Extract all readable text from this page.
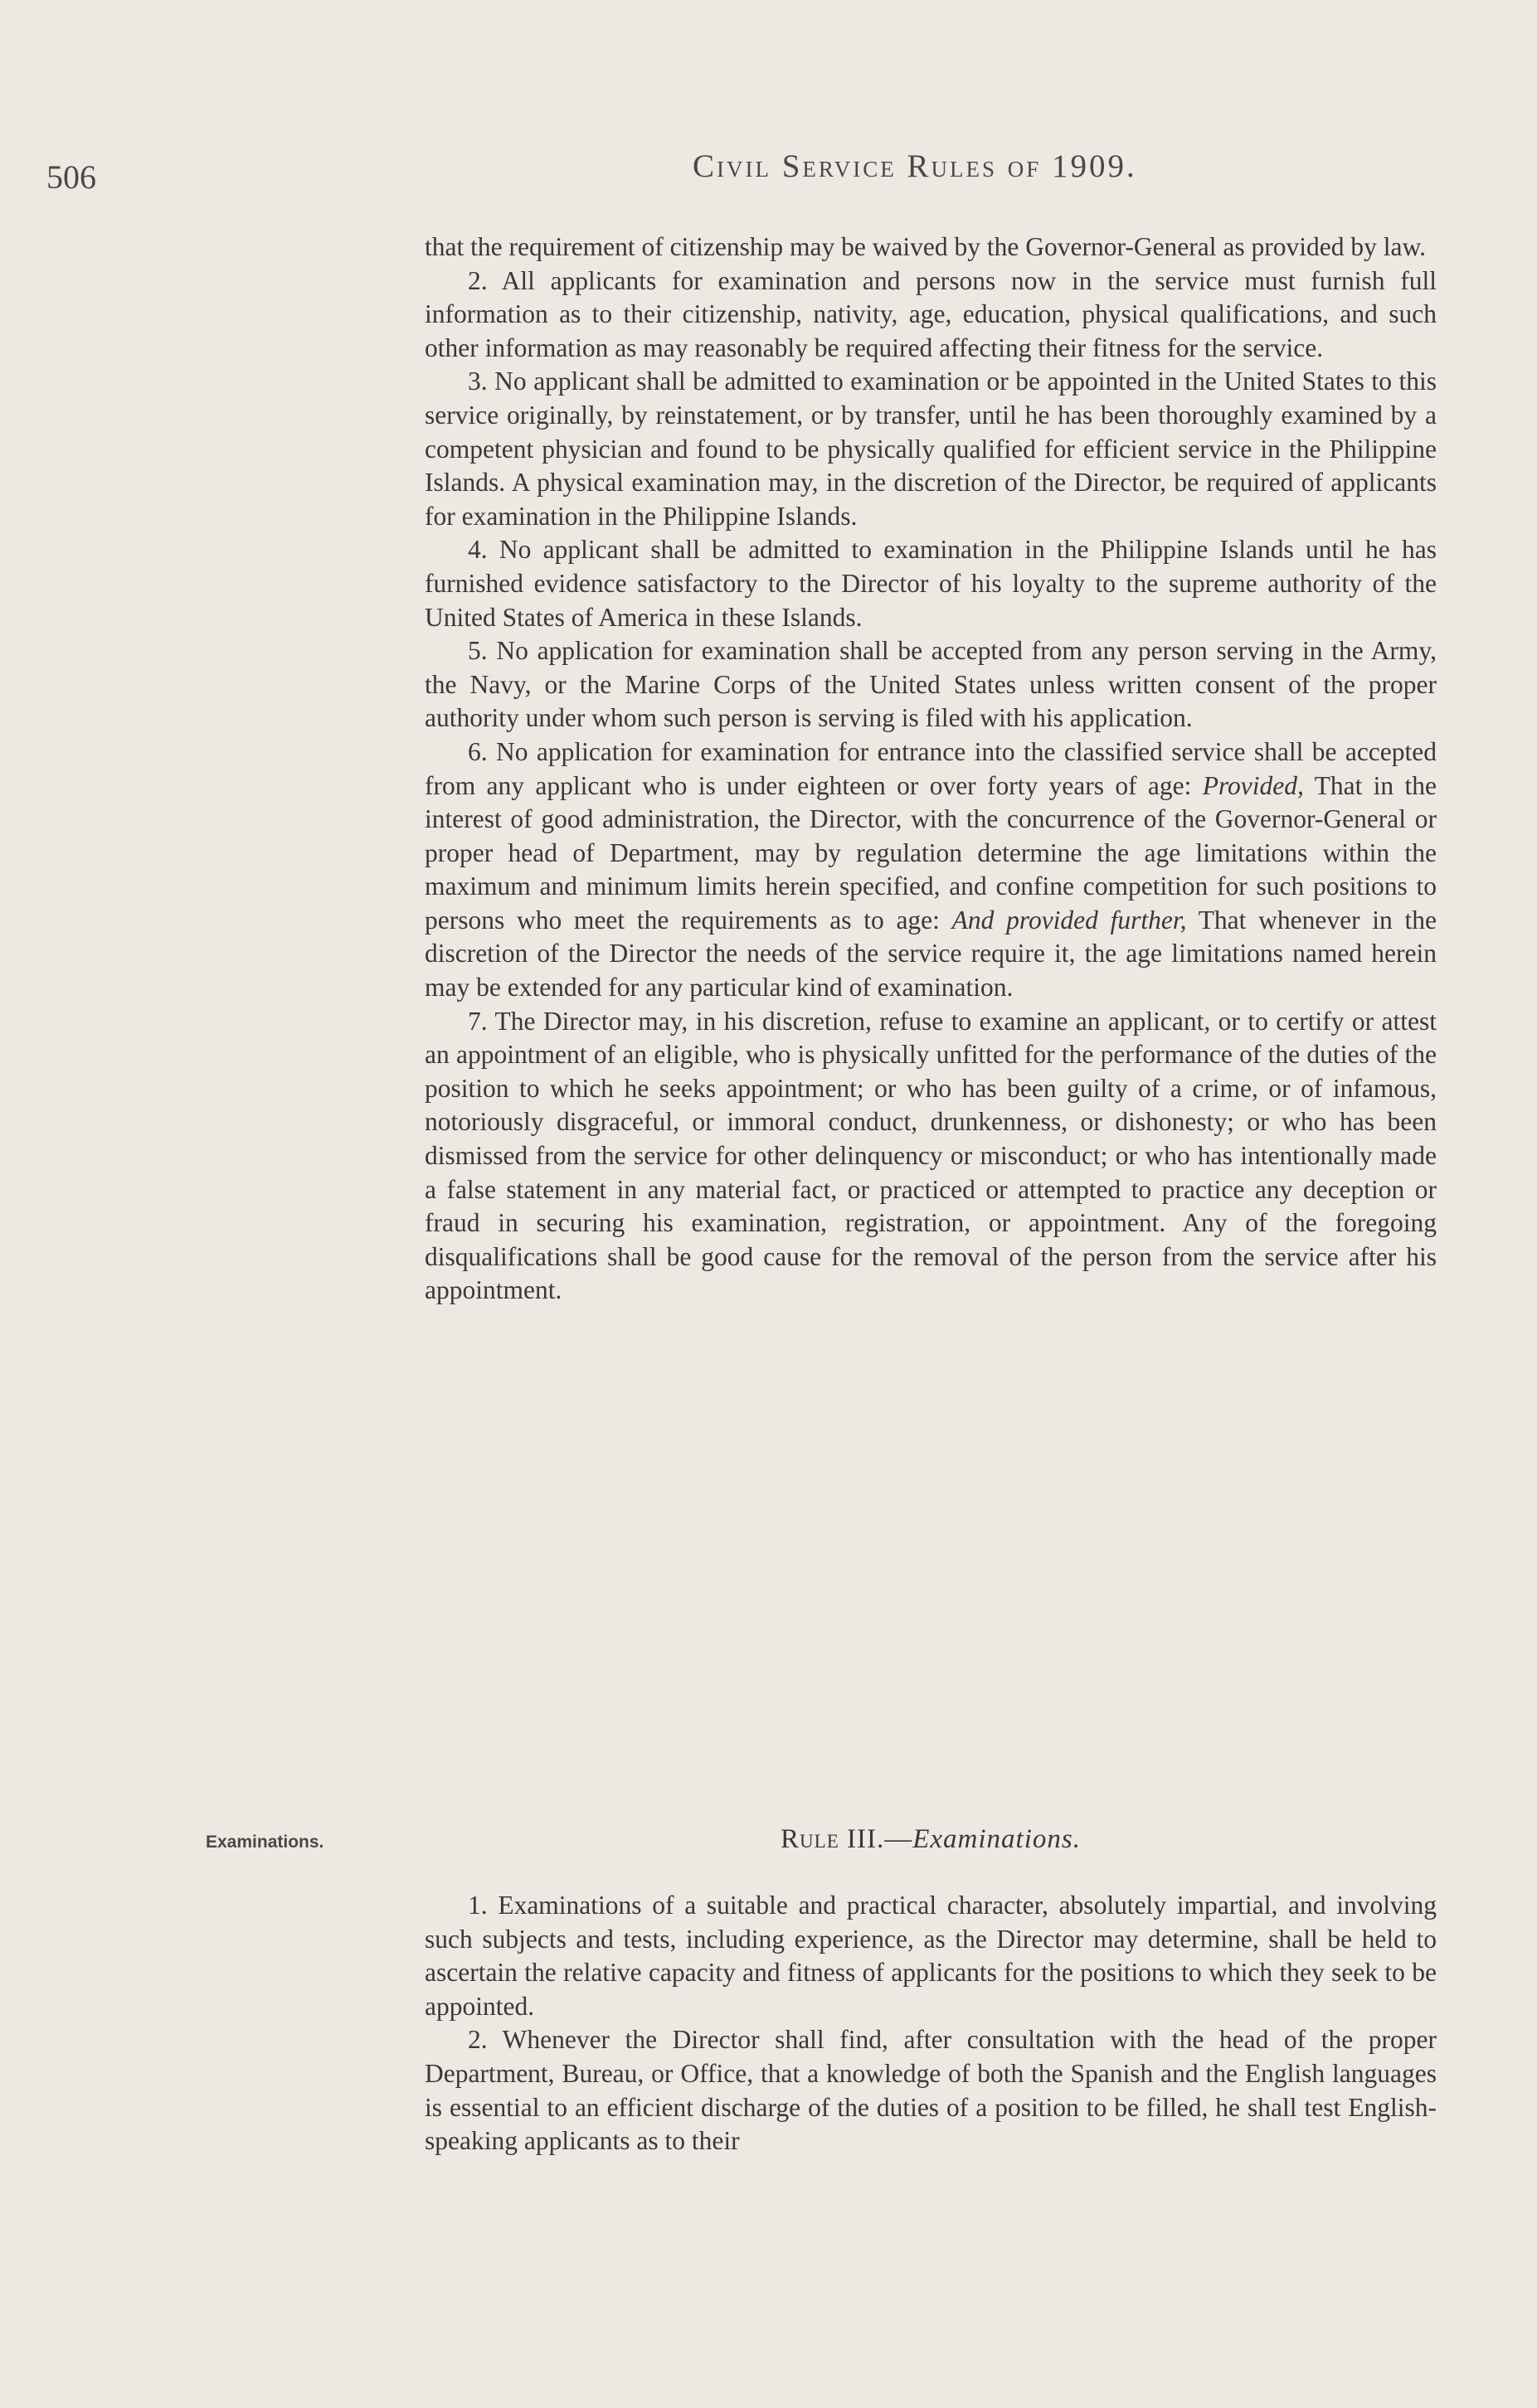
506	Civil Service Rules of 1909.

that the requirement of citizenship may be waived by the Governor-General as provided by law.

2. All applicants for examination and persons now in the service must furnish full information as to their citizenship, nativity, age, education, physical qualifications, and such other information as may reasonably be required affecting their fitness for the service.

3. No applicant shall be admitted to examination or be appointed in the United States to this service originally, by reinstatement, or by transfer, until he has been thoroughly examined by a competent physician and found to be physically qualified for efficient service in the Philippine Islands. A physical examination may, in the discretion of the Director, be required of applicants for examination in the Philippine Islands.

4. No applicant shall be admitted to examination in the Philippine Islands until he has furnished evidence satisfactory to the Director of his loyalty to the supreme authority of the United States of America in these Islands.

5. No application for examination shall be accepted from any person serving in the Army, the Navy, or the Marine Corps of the United States unless written consent of the proper authority under whom such person is serving is filed with his application.

6. No application for examination for entrance into the classified service shall be accepted from any applicant who is under eighteen or over forty years of age: Provided, That in the interest of good administration, the Director, with the concurrence of the Governor-General or proper head of Department, may by regulation determine the age limitations within the maximum and minimum limits herein specified, and confine competition for such positions to persons who meet the requirements as to age: And provided further, That whenever in the discretion of the Director the needs of the service require it, the age limitations named herein may be extended for any particular kind of examination.

7. The Director may, in his discretion, refuse to examine an applicant, or to certify or attest an appointment of an eligible, who is physically unfitted for the performance of the duties of the position to which he seeks appointment; or who has been guilty of a crime, or of infamous, notoriously disgraceful, or immoral conduct, drunkenness, or dishonesty; or who has been dismissed from the service for other delinquency or misconduct; or who has intentionally made a false statement in any material fact, or practiced or attempted to practice any deception or fraud in securing his examination, registration, or appointment. Any of the foregoing disqualifications shall be good cause for the removal of the person from the service after his appointment.

Examinations.	Rule III.—Examinations.

1. Examinations of a suitable and practical character, absolutely impartial, and involving such subjects and tests, including experience, as the Director may determine, shall be held to ascertain the relative capacity and fitness of applicants for the positions to which they seek to be appointed.

2. Whenever the Director shall find, after consultation with the head of the proper Department, Bureau, or Office, that a knowledge of both the Spanish and the English languages is essential to an efficient discharge of the duties of a position to be filled, he shall test English-speaking applicants as to their
